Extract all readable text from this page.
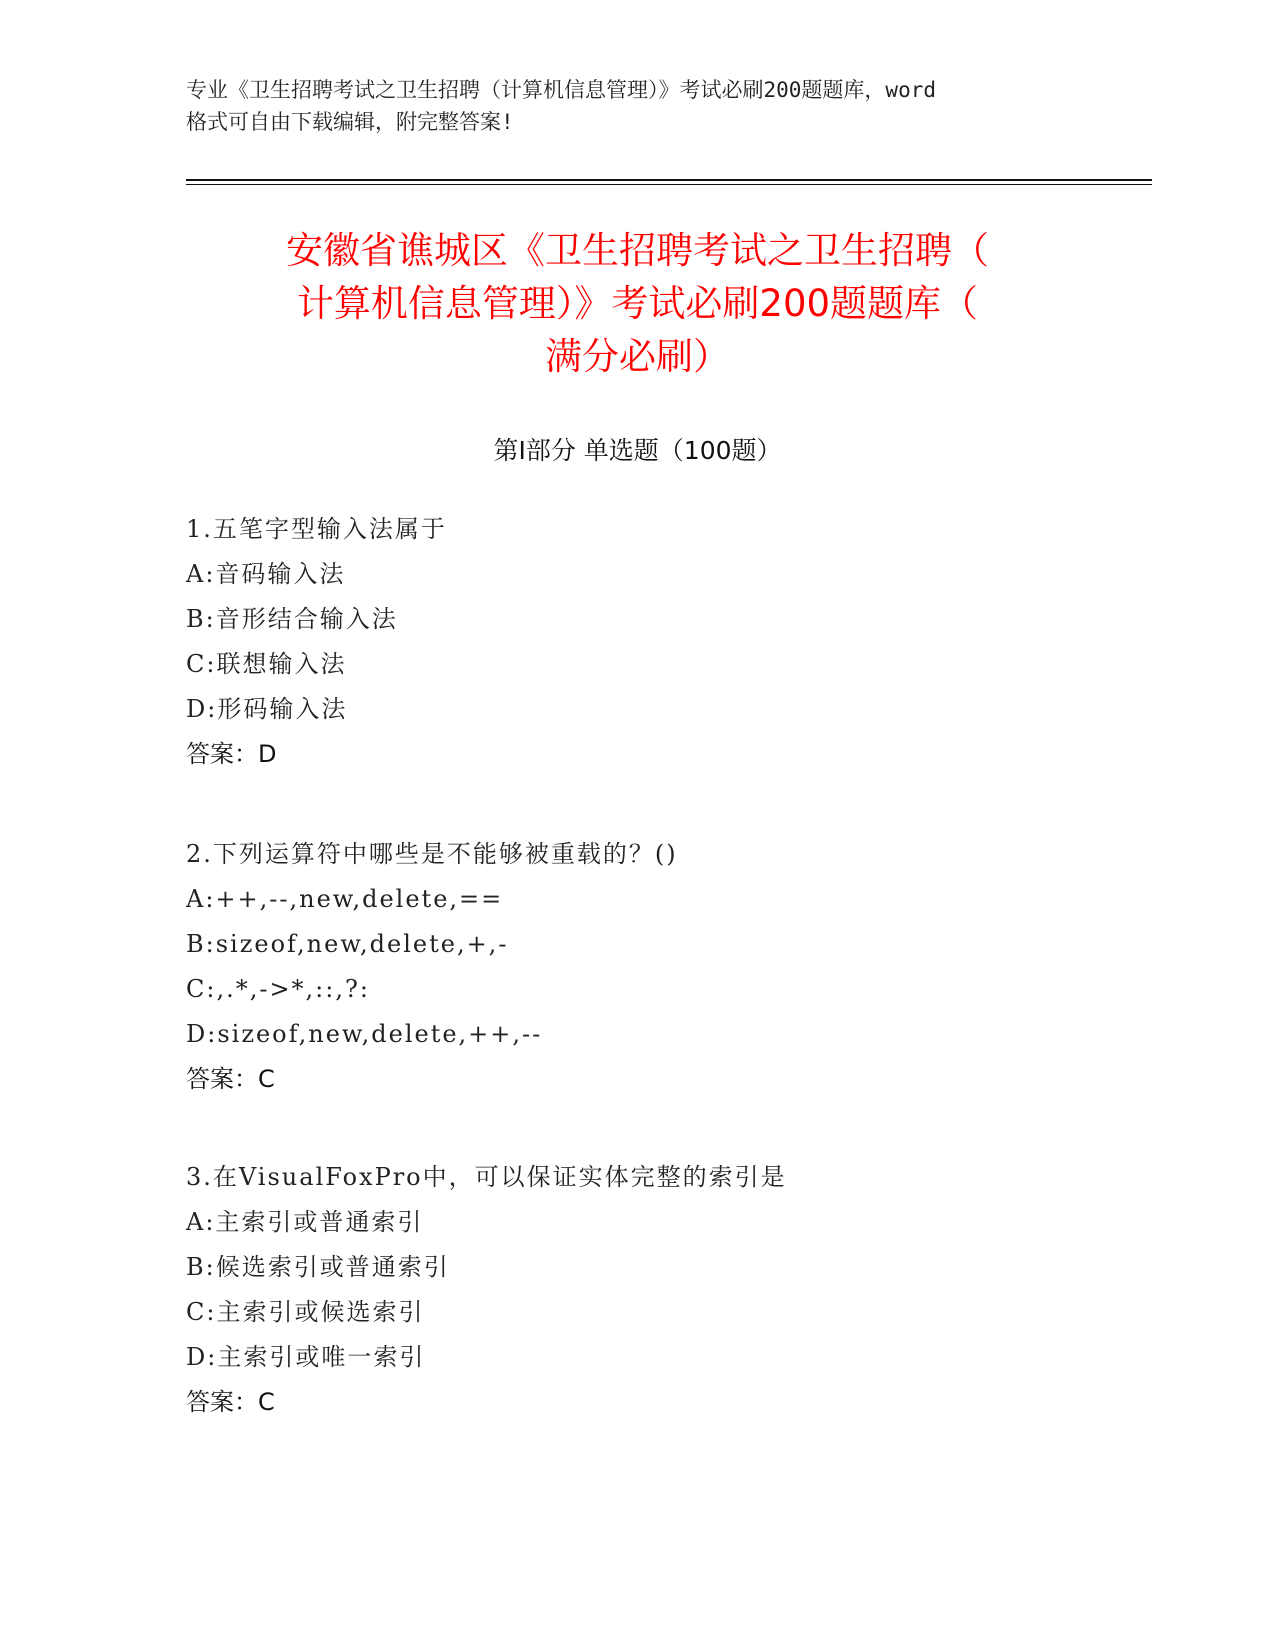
专业《卫生招聘考试之卫生招聘（计算机信息管理）》考试必刷200题题库，word
格式可自由下载编辑，附完整答案!
安徽省谯城区《卫生招聘考试之卫生招聘（
计算机信息管理）》考试必刷200题题库（
满分必刷）
第Ⅰ部分 单选题（100题）
1.五笔字型输入法属于
A:音码输入法
B:音形结合输入法
C:联想输入法
D:形码输入法
答案：D
2.下列运算符中哪些是不能够被重载的？()
A:++,--,new,delete,==
B:sizeof,new,delete,+,-
C:,.*,->*,::,?:
D:sizeof,new,delete,++,--
答案：C
3.在VisualFoxPro中，可以保证实体完整的索引是
A:主索引或普通索引
B:候选索引或普通索引
C:主索引或候选索引
D:主索引或唯一索引
答案：C
